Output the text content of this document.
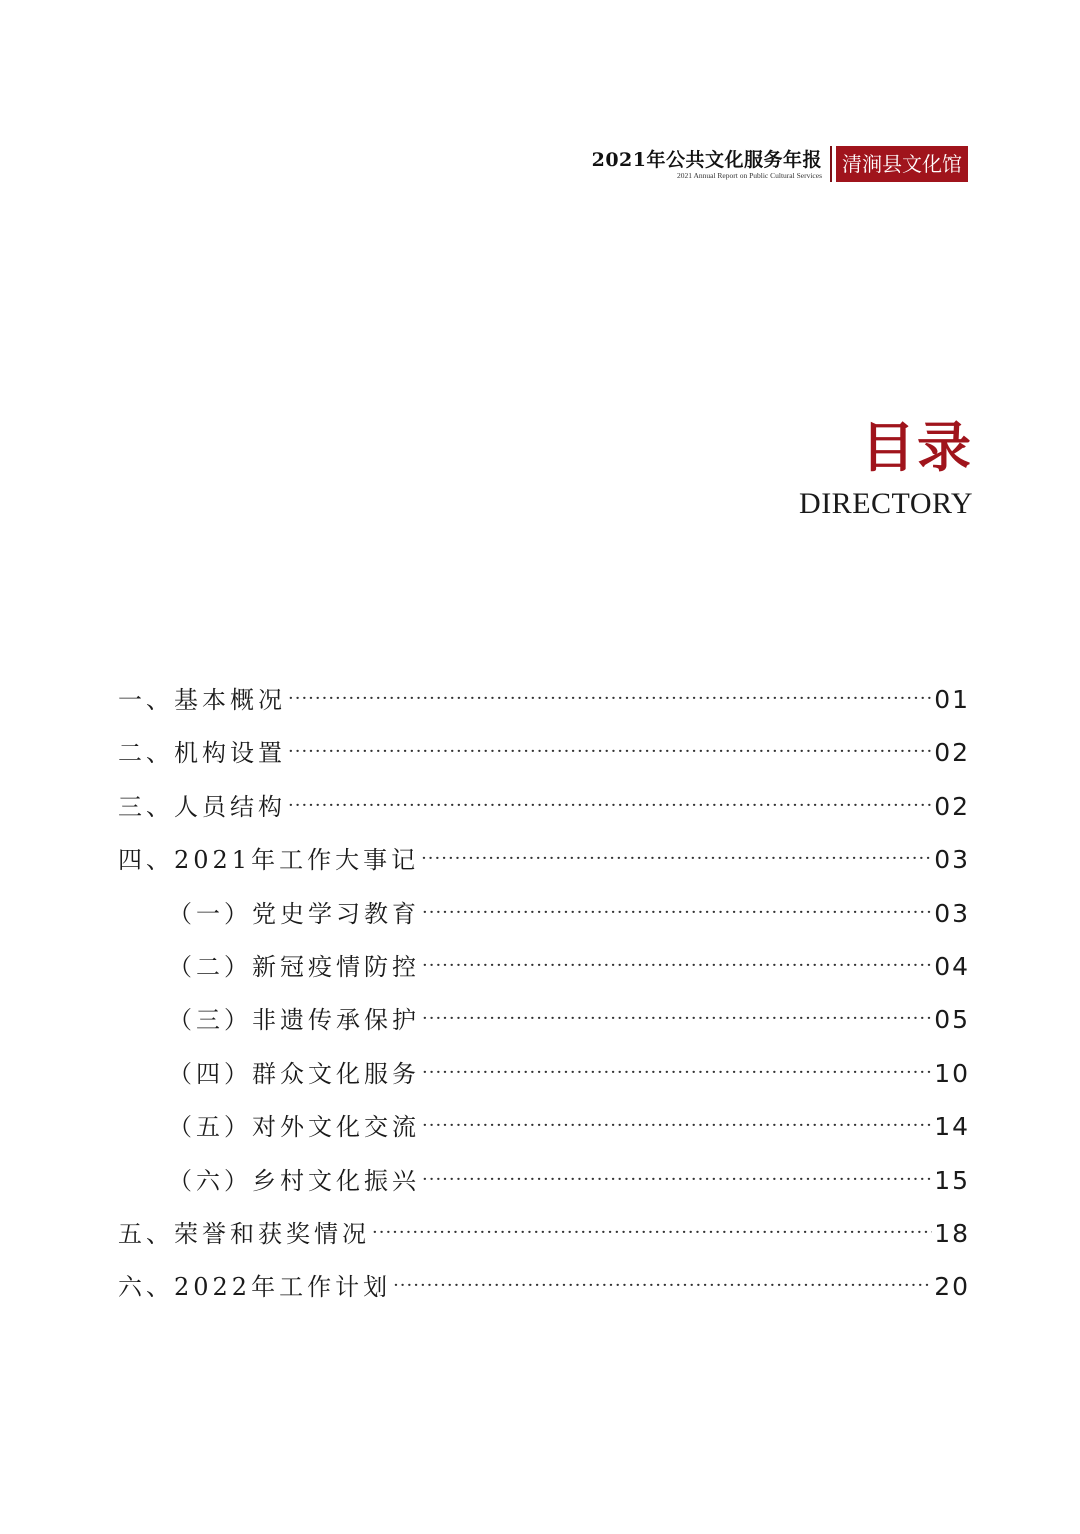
2021年公共文化服务年报
2021 Annual Report on Public Cultural Services	清涧县文化馆
目录
DIRECTORY
一、基本概况 ·····	01
二、机构设置 ·····	02
三、人员结构 ·····	02
四、2021年工作大事记 ·····	03
（一）党史学习教育 ·····	03
（二）新冠疫情防控 ·····	04
（三）非遗传承保护 ·····	05
（四）群众文化服务 ·····	10
（五）对外文化交流 ·····	14
（六）乡村文化振兴 ·····	15
五、荣誉和获奖情况 ·····	18
六、2022年工作计划 ·····	20
